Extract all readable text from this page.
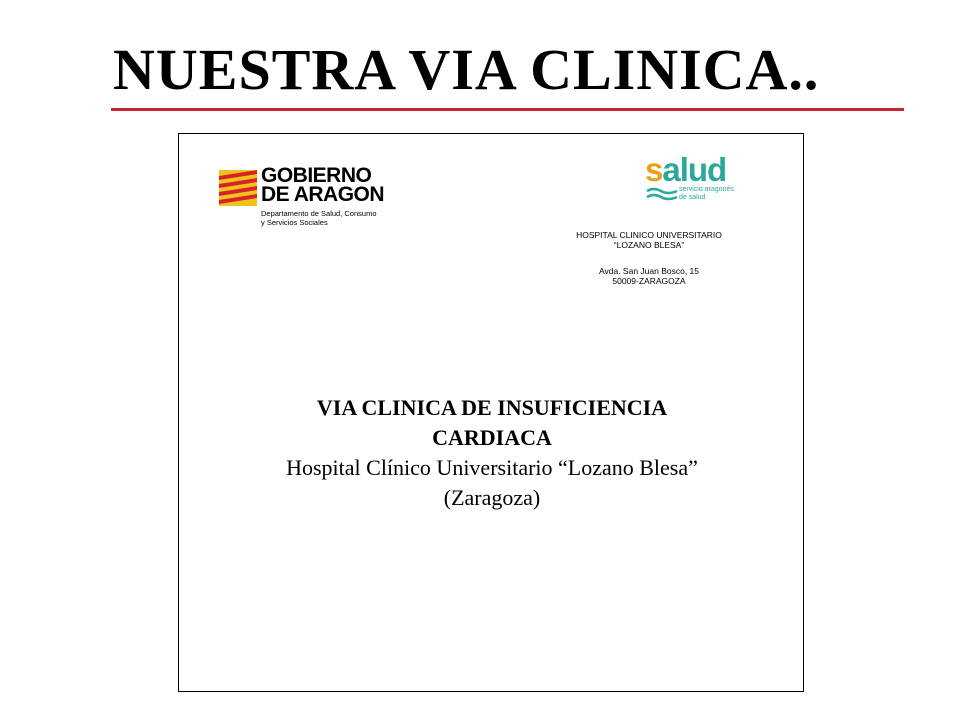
NUESTRA VIA CLINICA..
GOBIERNO
DE ARAGON
Departamento de Salud, Consumo
y Servicios Sociales
salud
servicio aragonés
de salud
HOSPITAL CLINICO UNIVERSITARIO
“LOZANO BLESA”
Avda. San Juan Bosco, 15
50009-ZARAGOZA
VIA CLINICA DE INSUFICIENCIA
CARDIACA
Hospital Clínico Universitario “Lozano Blesa”
(Zaragoza)
